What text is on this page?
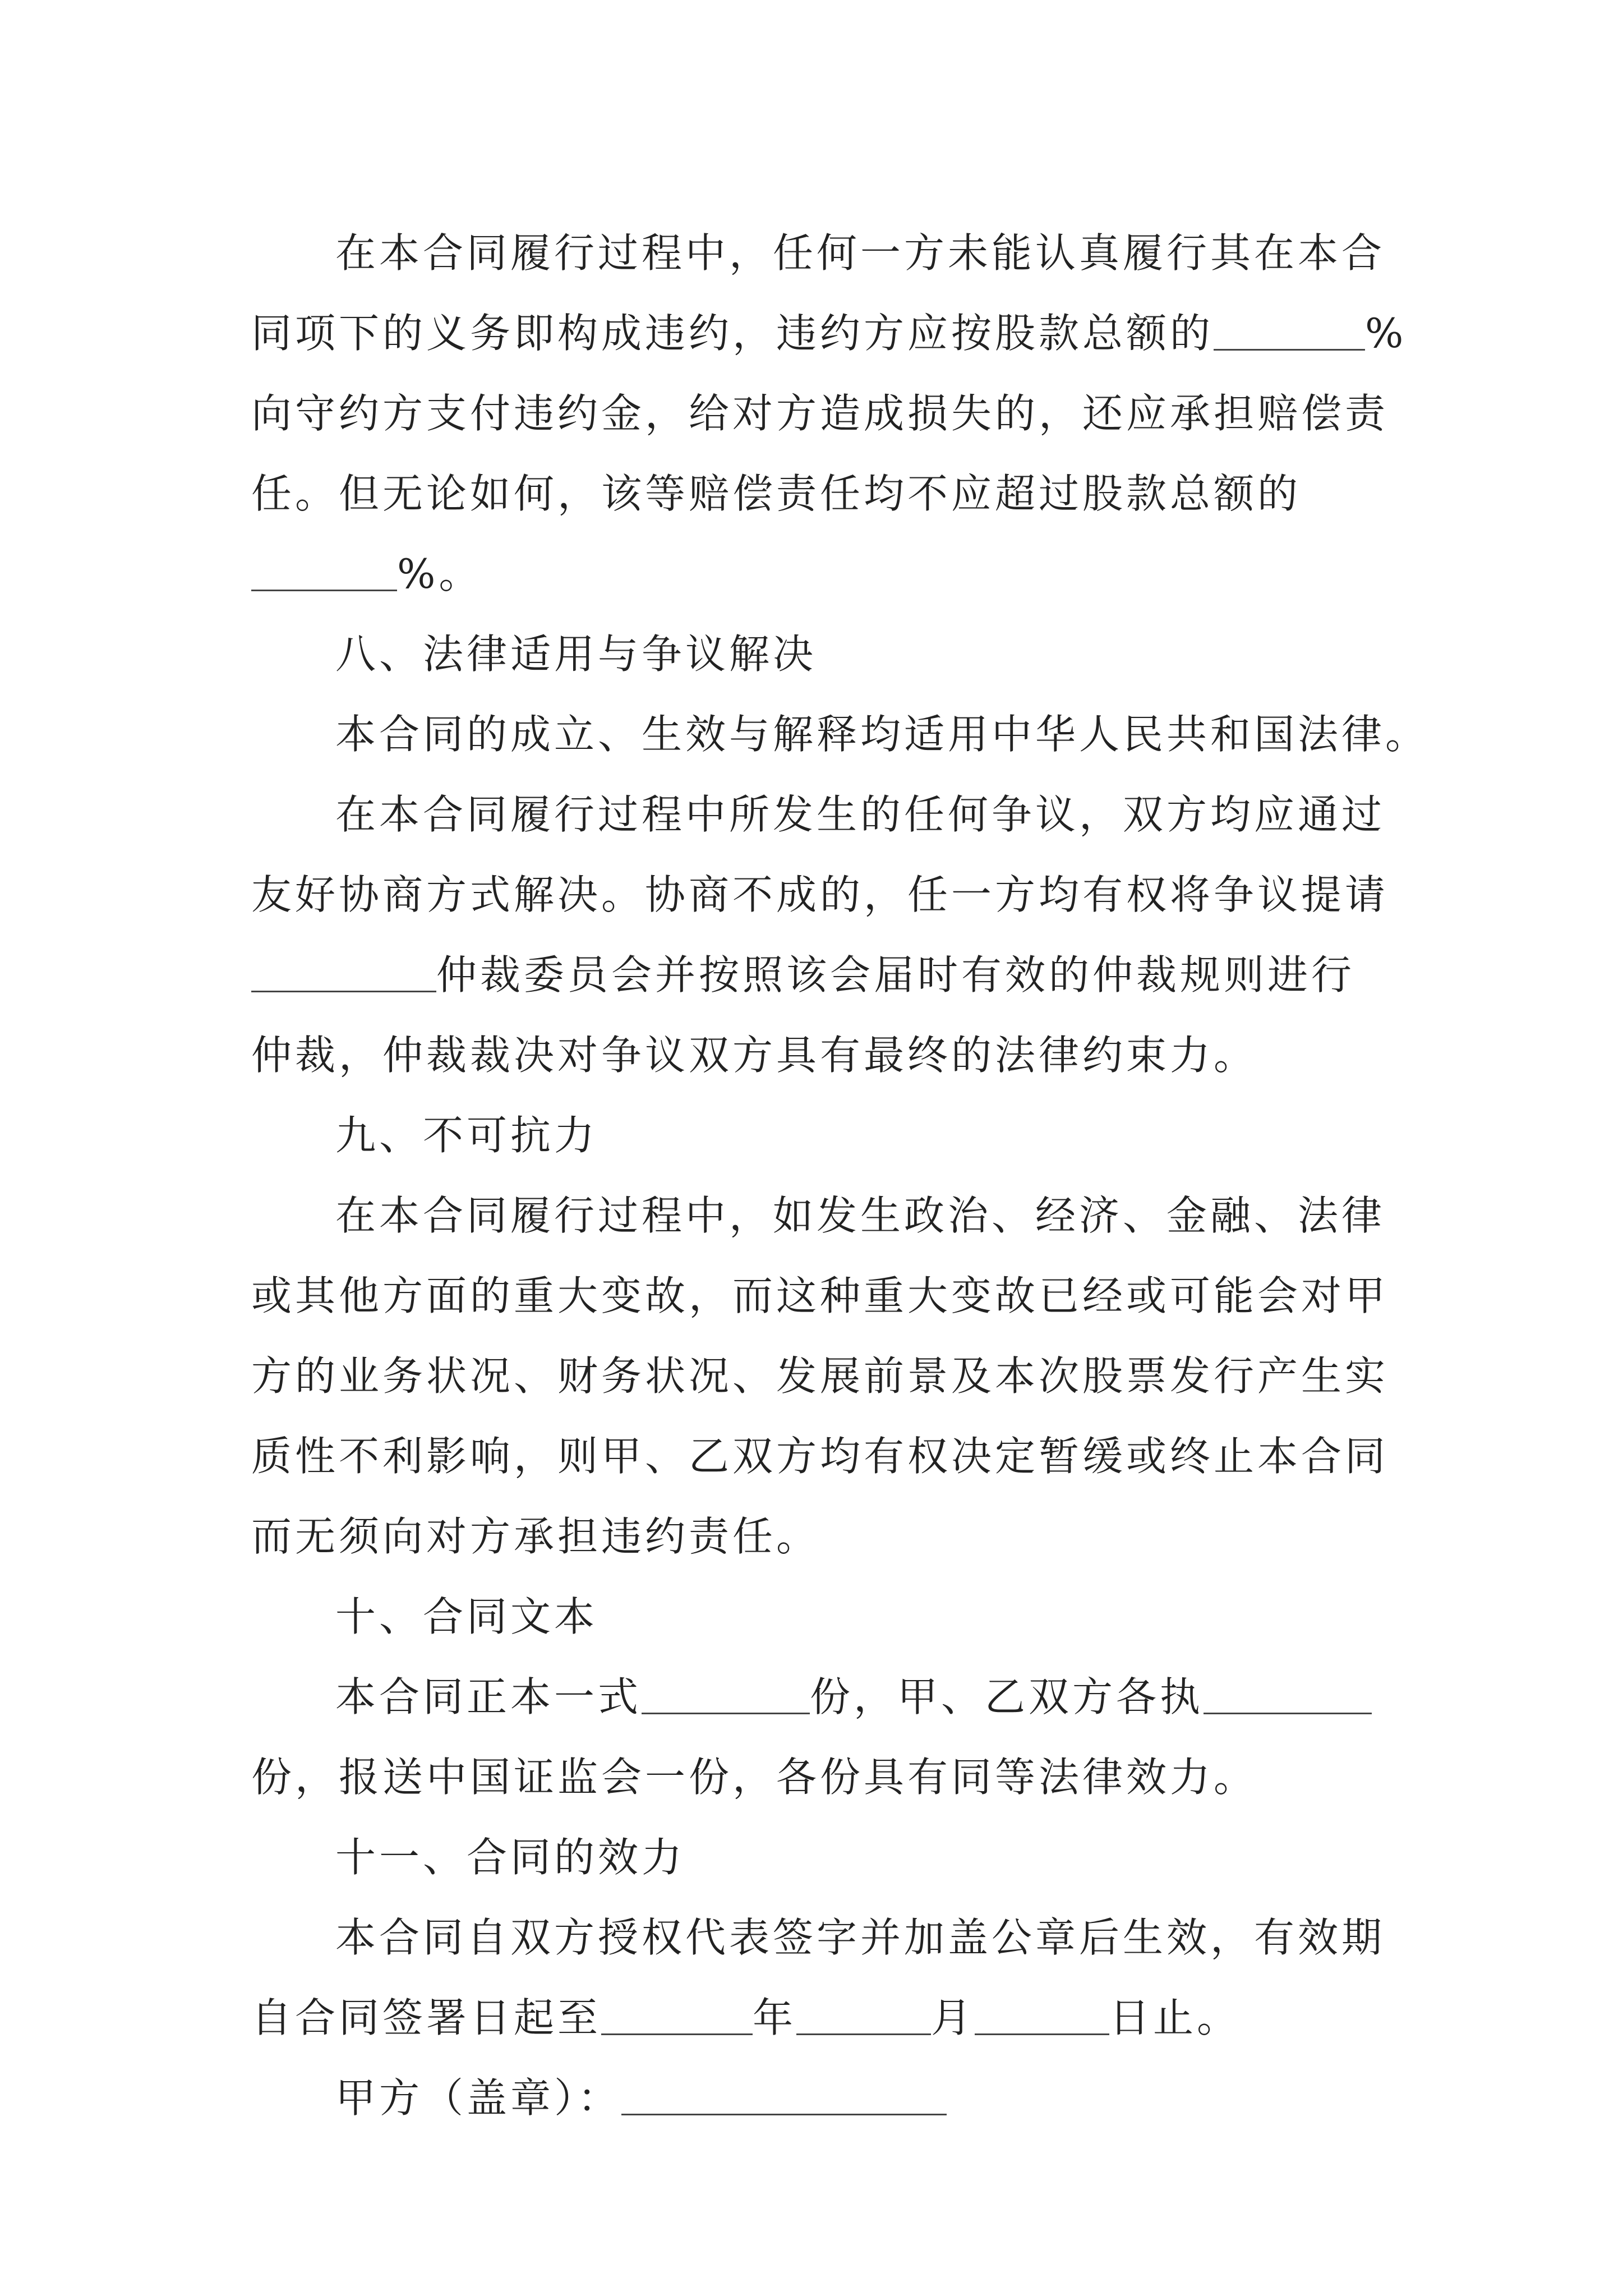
在本合同履行过程中，任何一方未能认真履行其在本合
同项下的义务即构成违约，违约方应按股款总额的	%
向守约方支付违约金，给对方造成损失的，还应承担赔偿责
任。但无论如何，该等赔偿责任均不应超过股款总额的
%。
八、法律适用与争议解决
本合同的成立、生效与解释均适用中华人民共和国法律。
在本合同履行过程中所发生的任何争议，双方均应通过
友好协商方式解决。协商不成的，任一方均有权将争议提请
仲裁委员会并按照该会届时有效的仲裁规则进行
仲裁，仲裁裁决对争议双方具有最终的法律约束力。
九、不可抗力
在本合同履行过程中，如发生政治、经济、金融、法律
或其他方面的重大变故，而这种重大变故已经或可能会对甲
方的业务状况、财务状况、发展前景及本次股票发行产生实
质性不利影响，则甲、乙双方均有权决定暂缓或终止本合同
而无须向对方承担违约责任。
十、合同文本
本合同正本一式	份，甲、乙双方各执
份，报送中国证监会一份，各份具有同等法律效力。
十一、合同的效力
本合同自双方授权代表签字并加盖公章后生效，有效期
自合同签署日起至	年	月	日止。
甲方（盖章）：
